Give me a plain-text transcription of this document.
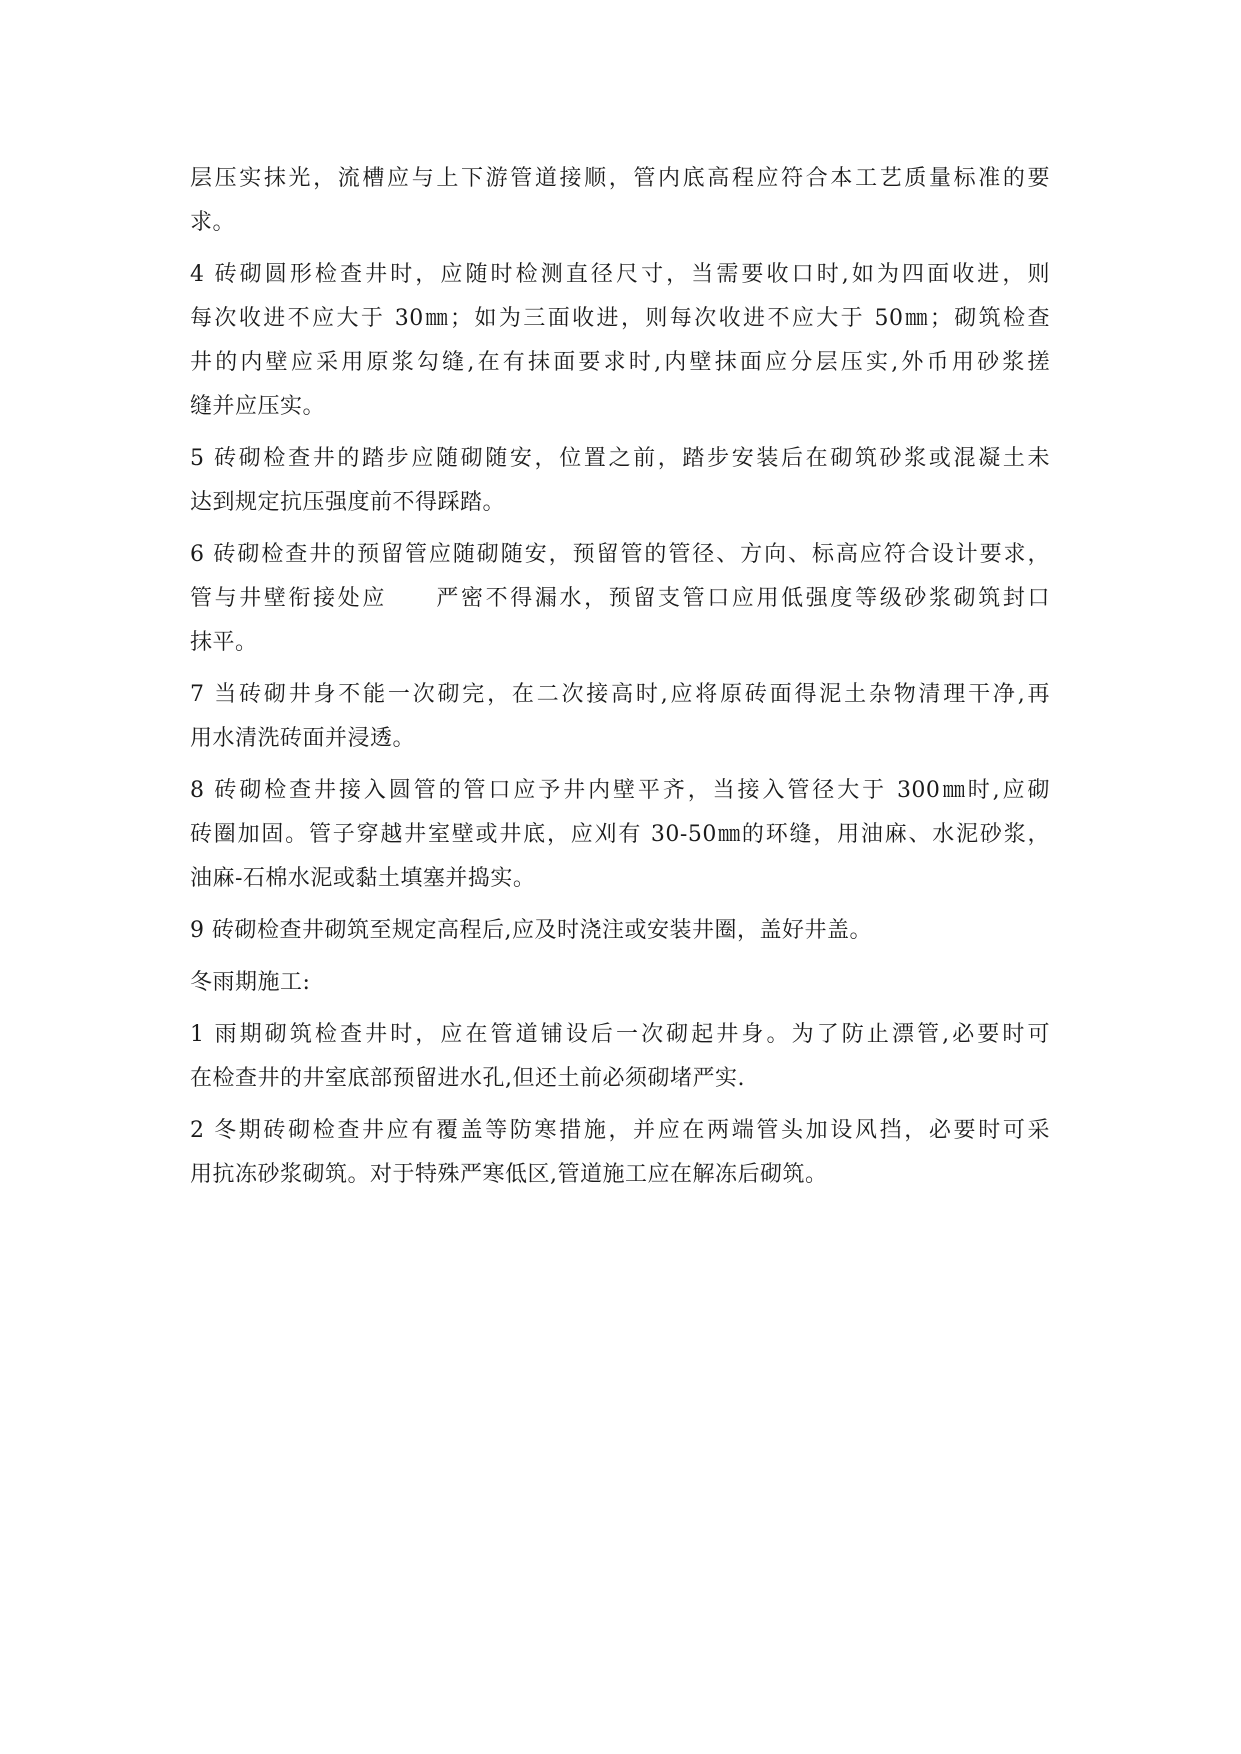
层压实抹光，流槽应与上下游管道接顺，管内底高程应符合本工艺质量标准的要
求。
4 砖砌圆形检查井时，应随时检测直径尺寸，当需要收口时,如为四面收进，则
每次收进不应大于 30㎜；如为三面收进，则每次收进不应大于 50㎜；砌筑检查
井的内壁应采用原浆勾缝,在有抹面要求时,内壁抹面应分层压实,外币用砂浆搓
缝并应压实。
5 砖砌检查井的踏步应随砌随安，位置之前，踏步安装后在砌筑砂浆或混凝土未
达到规定抗压强度前不得踩踏。
6 砖砌检查井的预留管应随砌随安，预留管的管径、方向、标高应符合设计要求，
管与井壁衔接处应　　严密不得漏水，预留支管口应用低强度等级砂浆砌筑封口
抹平。
7 当砖砌井身不能一次砌完，在二次接高时,应将原砖面得泥土杂物清理干净,再
用水清洗砖面并浸透。
8 砖砌检查井接入圆管的管口应予井内壁平齐，当接入管径大于 300㎜时,应砌
砖圈加固。管子穿越井室壁或井底，应刈有 30-50㎜的环缝，用油麻、水泥砂浆，
油麻-石棉水泥或黏土填塞并捣实。
9 砖砌检查井砌筑至规定高程后,应及时浇注或安装井圈，盖好井盖。
冬雨期施工:
1 雨期砌筑检查井时，应在管道铺设后一次砌起井身。为了防止漂管,必要时可
在检查井的井室底部预留进水孔,但还土前必须砌堵严实.
2 冬期砖砌检查井应有覆盖等防寒措施，并应在两端管头加设风挡，必要时可采
用抗冻砂浆砌筑。对于特殊严寒低区,管道施工应在解冻后砌筑。
